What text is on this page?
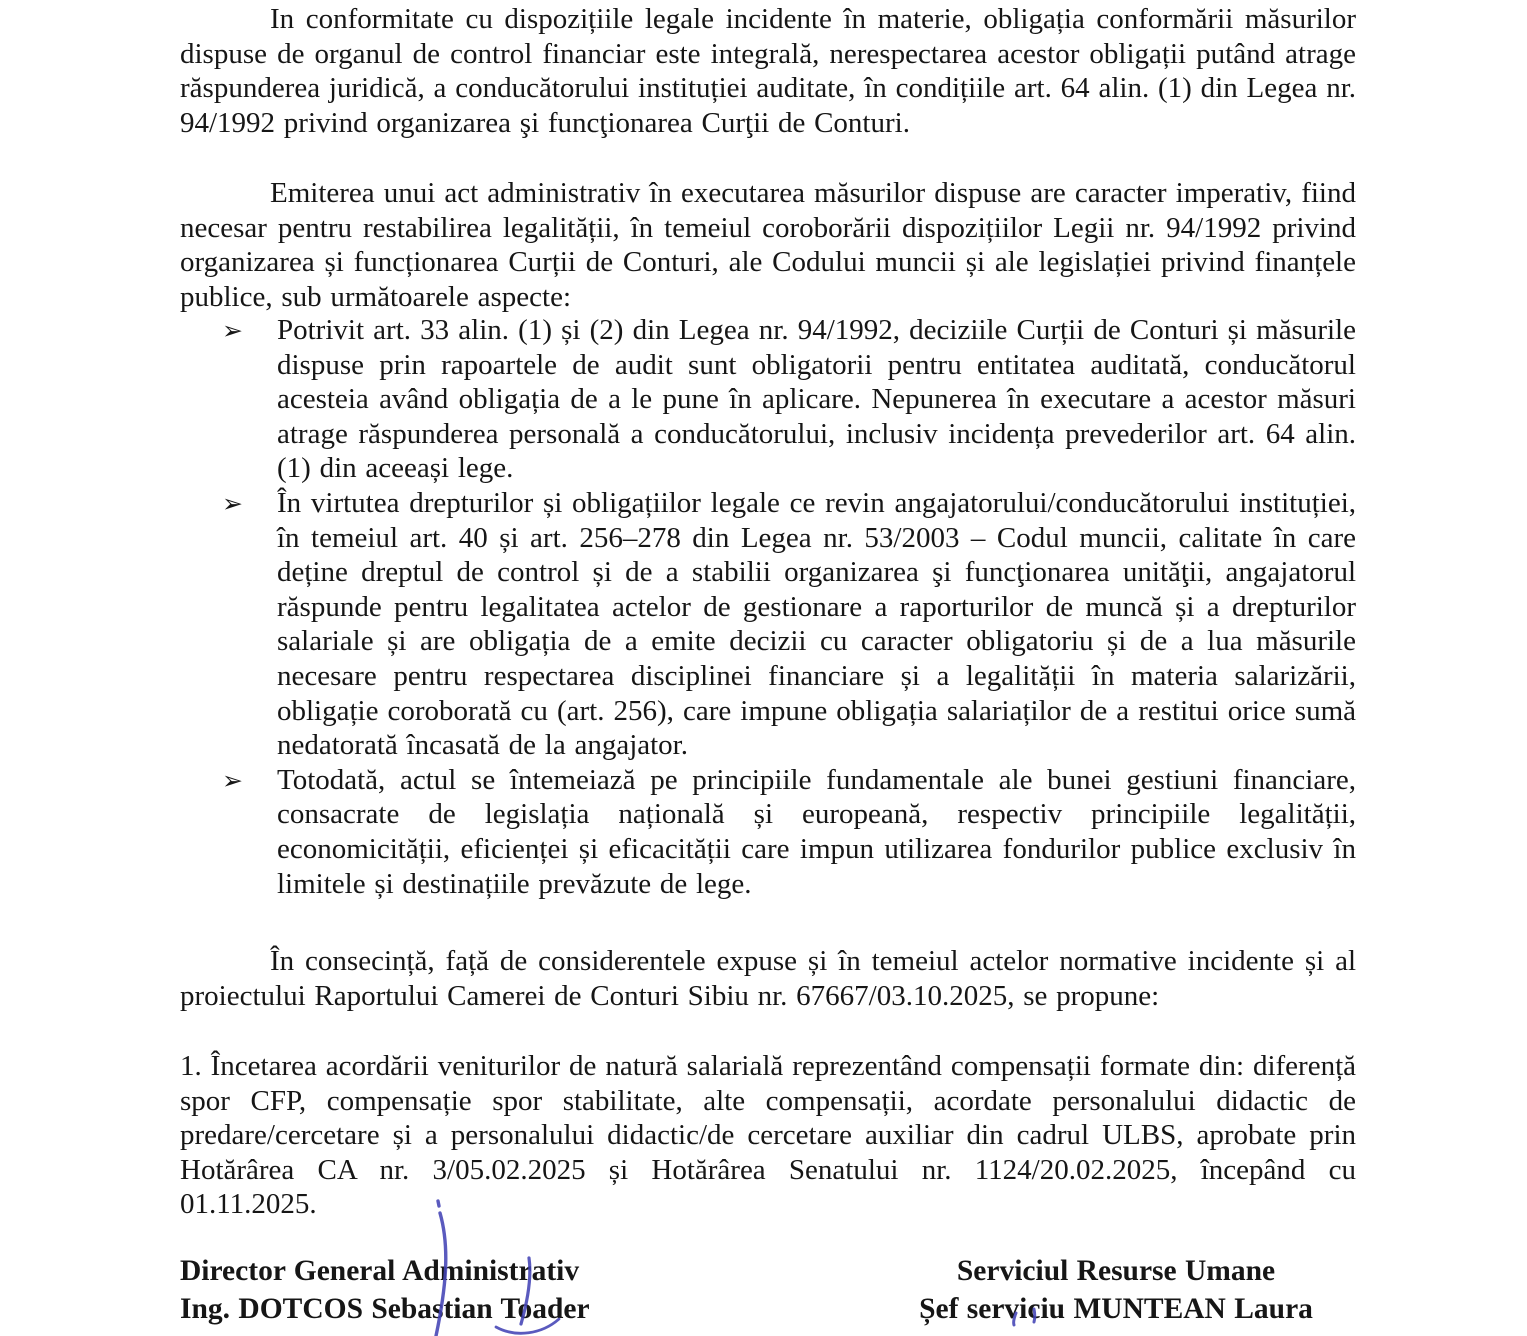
In conformitate cu dispozițiile legale incidente în materie, obligația conformării măsurilor dispuse de organul de control financiar este integrală, nerespectarea acestor obligații putând atrage răspunderea juridică, a conducătorului instituției auditate, în condițiile art. 64 alin. (1) din Legea nr. 94/1992 privind organizarea şi funcţionarea Curţii de Conturi.

Emiterea unui act administrativ în executarea măsurilor dispuse are caracter imperativ, fiind necesar pentru restabilirea legalității, în temeiul coroborării dispozițiilor Legii nr. 94/1992 privind organizarea și funcționarea Curții de Conturi, ale Codului muncii și ale legislației privind finanțele publice, sub următoarele aspecte:

➢ Potrivit art. 33 alin. (1) și (2) din Legea nr. 94/1992, deciziile Curții de Conturi și măsurile dispuse prin rapoartele de audit sunt obligatorii pentru entitatea auditată, conducătorul acesteia având obligația de a le pune în aplicare. Nepunerea în executare a acestor măsuri atrage răspunderea personală a conducătorului, inclusiv incidența prevederilor art. 64 alin. (1) din aceeași lege.
➢ În virtutea drepturilor și obligațiilor legale ce revin angajatorului/conducătorului instituției, în temeiul art. 40 și art. 256–278 din Legea nr. 53/2003 – Codul muncii, calitate în care deține dreptul de control și de a stabilii organizarea şi funcţionarea unităţii, angajatorul răspunde pentru legalitatea actelor de gestionare a raporturilor de muncă și a drepturilor salariale și are obligația de a emite decizii cu caracter obligatoriu și de a lua măsurile necesare pentru respectarea disciplinei financiare și a legalității în materia salarizării, obligație coroborată cu (art. 256), care impune obligația salariaților de a restitui orice sumă nedatorată încasată de la angajator.
➢ Totodată, actul se întemeiază pe principiile fundamentale ale bunei gestiuni financiare, consacrate de legislația națională și europeană, respectiv principiile legalității, economicității, eficienței și eficacității care impun utilizarea fondurilor publice exclusiv în limitele și destinațiile prevăzute de lege.

În consecință, față de considerentele expuse și în temeiul actelor normative incidente și al proiectului Raportului Camerei de Conturi Sibiu nr. 67667/03.10.2025, se propune:

1. Încetarea acordării veniturilor de natură salarială reprezentând compensații formate din: diferență spor CFP, compensație spor stabilitate, alte compensații, acordate personalului didactic de predare/cercetare și a personalului didactic/de cercetare auxiliar din cadrul ULBS, aprobate prin Hotărârea CA nr. 3/05.02.2025 și Hotărârea Senatului nr. 1124/20.02.2025, începând cu 01.11.2025.

Director General Administrativ
Ing. DOTCOS Sebastian Toader
Serviciul Resurse Umane
Șef serviciu MUNTEAN Laura
